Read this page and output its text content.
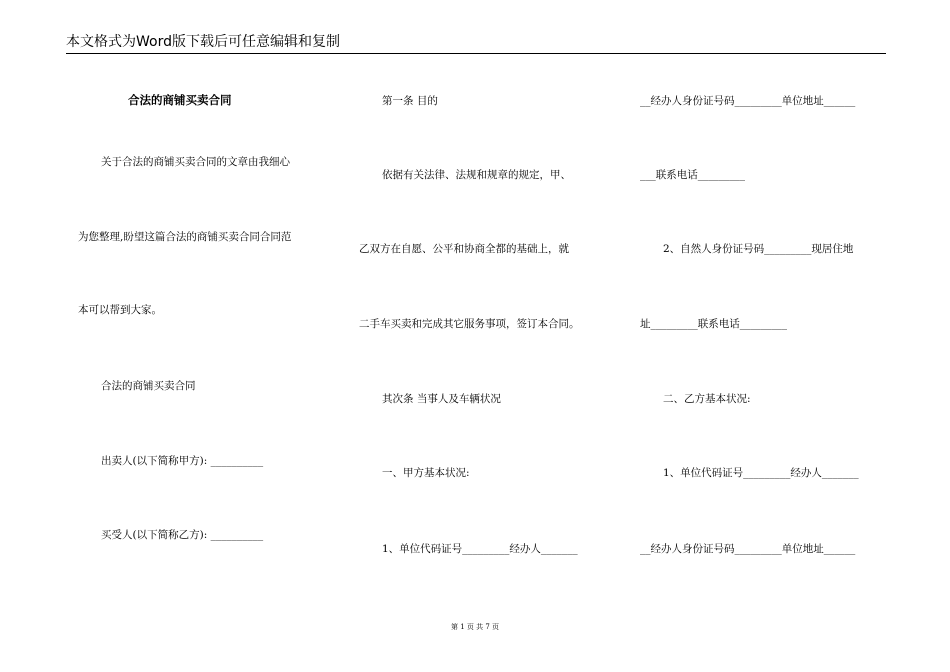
本文格式为Word版下载后可任意编辑和复制
合法的商铺买卖合同
关于合法的商铺买卖合同的文章由我细心
为您整理,盼望这篇合法的商铺买卖合同合同范
本可以帮到大家。
合法的商铺买卖合同
出卖人(以下简称甲方): __________
买受人(以下简称乙方): __________
第一条 目的
依据有关法律、法规和规章的规定，甲、
乙双方在自愿、公平和协商全都的基础上，就
二手车买卖和完成其它服务事项，签订本合同。
其次条 当事人及车辆状况
一、甲方基本状况:
1、单位代码证号_________经办人_______
__经办人身份证号码_________单位地址______
___联系电话_________
2、自然人身份证号码_________现居住地
址_________联系电话_________
二、乙方基本状况:
1、单位代码证号_________经办人_______
__经办人身份证号码_________单位地址______
第 1 页 共 7 页
